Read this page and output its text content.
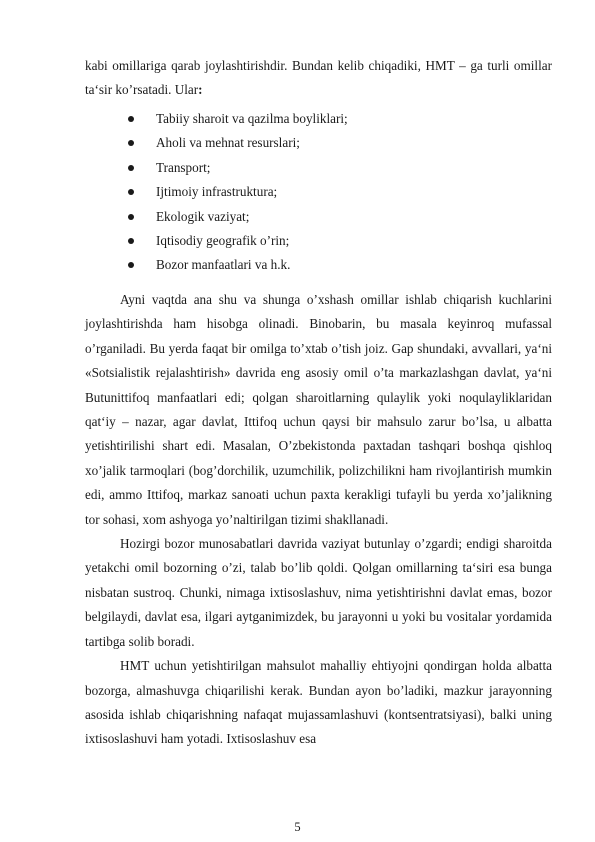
kabi omillariga qarab joylashtirishdir. Bundan kelib chiqadiki, HMT – ga turli omillar ta‘sir ko’rsatadi. Ular:
Tabiiy sharoit va qazilma boyliklari;
Aholi va mehnat resurslari;
Transport;
Ijtimoiy infrastruktura;
Ekologik vaziyat;
Iqtisodiy geografik o’rin;
Bozor manfaatlari va h.k.

Ayni vaqtda ana shu va shunga o’xshash omillar ishlab chiqarish kuchlarini joylashtirishda ham hisobga olinadi. Binobarin, bu masala keyinroq mufassal o’rganiladi. Bu yerda faqat bir omilga to’xtab o’tish joiz. Gap shundaki, avvallari, ya‘ni «Sotsialistik rejalashtirish» davrida eng asosiy omil o’ta markazlashgan davlat, ya‘ni Butunittifoq manfaatlari edi; qolgan sharoitlarning qulaylik yoki noqulayliklaridan qat‘iy – nazar, agar davlat, Ittifoq uchun qaysi bir mahsulo zarur bo’lsa, u albatta yetishtirilishi shart edi. Masalan, O’zbekistonda paxtadan tashqari boshqa qishloq xo’jalik tarmoqlari (bog’dorchilik, uzumchilik, polizchilikni ham rivojlantirish mumkin edi, ammo Ittifoq, markaz sanoati uchun paxta kerakligi tufayli bu yerda xo’jalikning tor sohasi, xom ashyoga yo’naltirilgan tizimi shakllanadi.

Hozirgi bozor munosabatlari davrida vaziyat butunlay o’zgardi; endigi sharoitda yetakchi omil bozorning o’zi, talab bo’lib qoldi. Qolgan omillarning ta‘siri esa bunga nisbatan sustroq. Chunki, nimaga ixtisoslashuv, nima yetishtirishni davlat emas, bozor belgilaydi, davlat esa, ilgari aytganimizdek, bu jarayonni u yoki bu vositalar yordamida tartibga solib boradi.

HMT uchun yetishtirilgan mahsulot mahalliy ehtiyojni qondirgan holda albatta bozorga, almashuvga chiqarilishi kerak. Bundan ayon bo’ladiki, mazkur jarayonning asosida ishlab chiqarishning nafaqat mujassamlashuvi (kontsentratsiyasi), balki uning ixtisoslashuvi ham yotadi. Ixtisoslashuv esa

5
